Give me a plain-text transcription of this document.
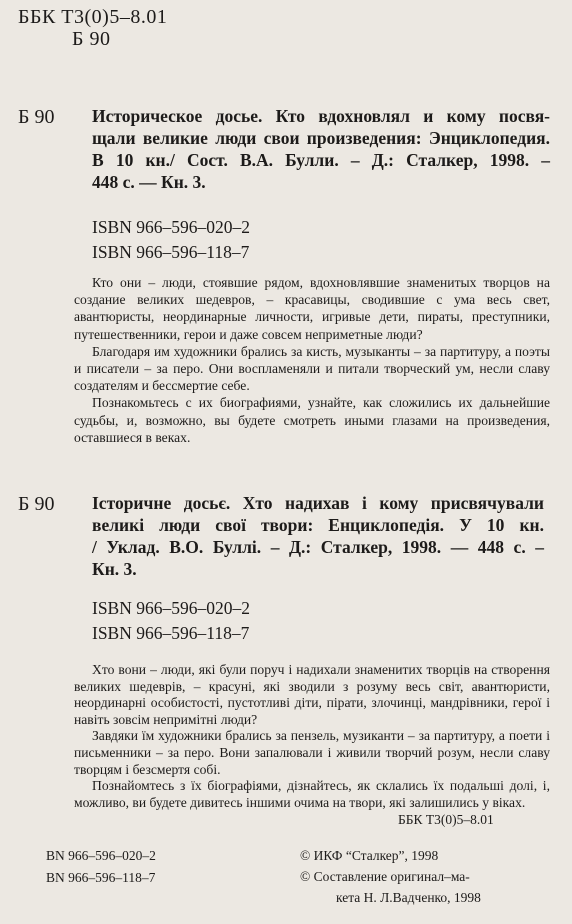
ББК Т3(0)5–8.01
Б 90
Б 90 Историческое досье. Кто вдохновлял и кому посвя-
щали великие люди свои произведения: Энциклопедия.
В 10 кн./ Сост. В.А. Булли. – Д.: Сталкер, 1998. –
448 с. — Кн. 3.
ISBN 966–596–020–2
ISBN 966–596–118–7

Кто они – люди, стоявшие рядом, вдохновлявшие знаменитых творцов на создание великих шедевров, – красавицы, сводившие с ума весь свет, авантюристы, неординарные личности, игривые дети, пираты, преступники, путешественники, герои и даже совсем неприметные люди?

Благодаря им художники брались за кисть, музыканты – за партитуру, а поэты и писатели – за перо. Они воспламеняли и питали творческий ум, несли славу создателям и бессмертие себе.

Познакомьтесь с их биографиями, узнайте, как сложились их дальнейшие судьбы, и, возможно, вы будете смотреть иными глазами на произведения, оставшиеся в веках.

Б 90 Історичне досьє. Хто надихав і кому присвячували
великі люди свої твори: Енциклопедія. У 10 кн.
/ Уклад. В.О. Буллі. – Д.: Сталкер, 1998. — 448 с. –
Кн. 3.
ISBN 966–596–020–2
ISBN 966–596–118–7

Хто вони – люди, які були поруч і надихали знаменитих творців на створення великих шедеврів, – красуні, які зводили з розуму весь світ, авантюристи, неординарні особистості, пустотливі діти, пірати, злочинці, мандрівники, герої і навіть зовсім непримітні люди?

Завдяки їм художники брались за пензель, музиканти – за партитуру, а поети і письменники – за перо. Вони запалювали і живили творчий розум, несли славу творцям і безсмертя собі.

Познайомтесь з їх біографіями, дізнайтесь, як склались їх подальші долі, і, можливо, ви будете дивитесь іншими очима на твори, які залишились у віках.

ББК Т3(0)5–8.01
ВN 966–596–020–2
ВN 966–596–118–7
© ИКФ “Сталкер”, 1998
© Составление оригинал–ма-
кета Н. Л.Вадченко, 1998
